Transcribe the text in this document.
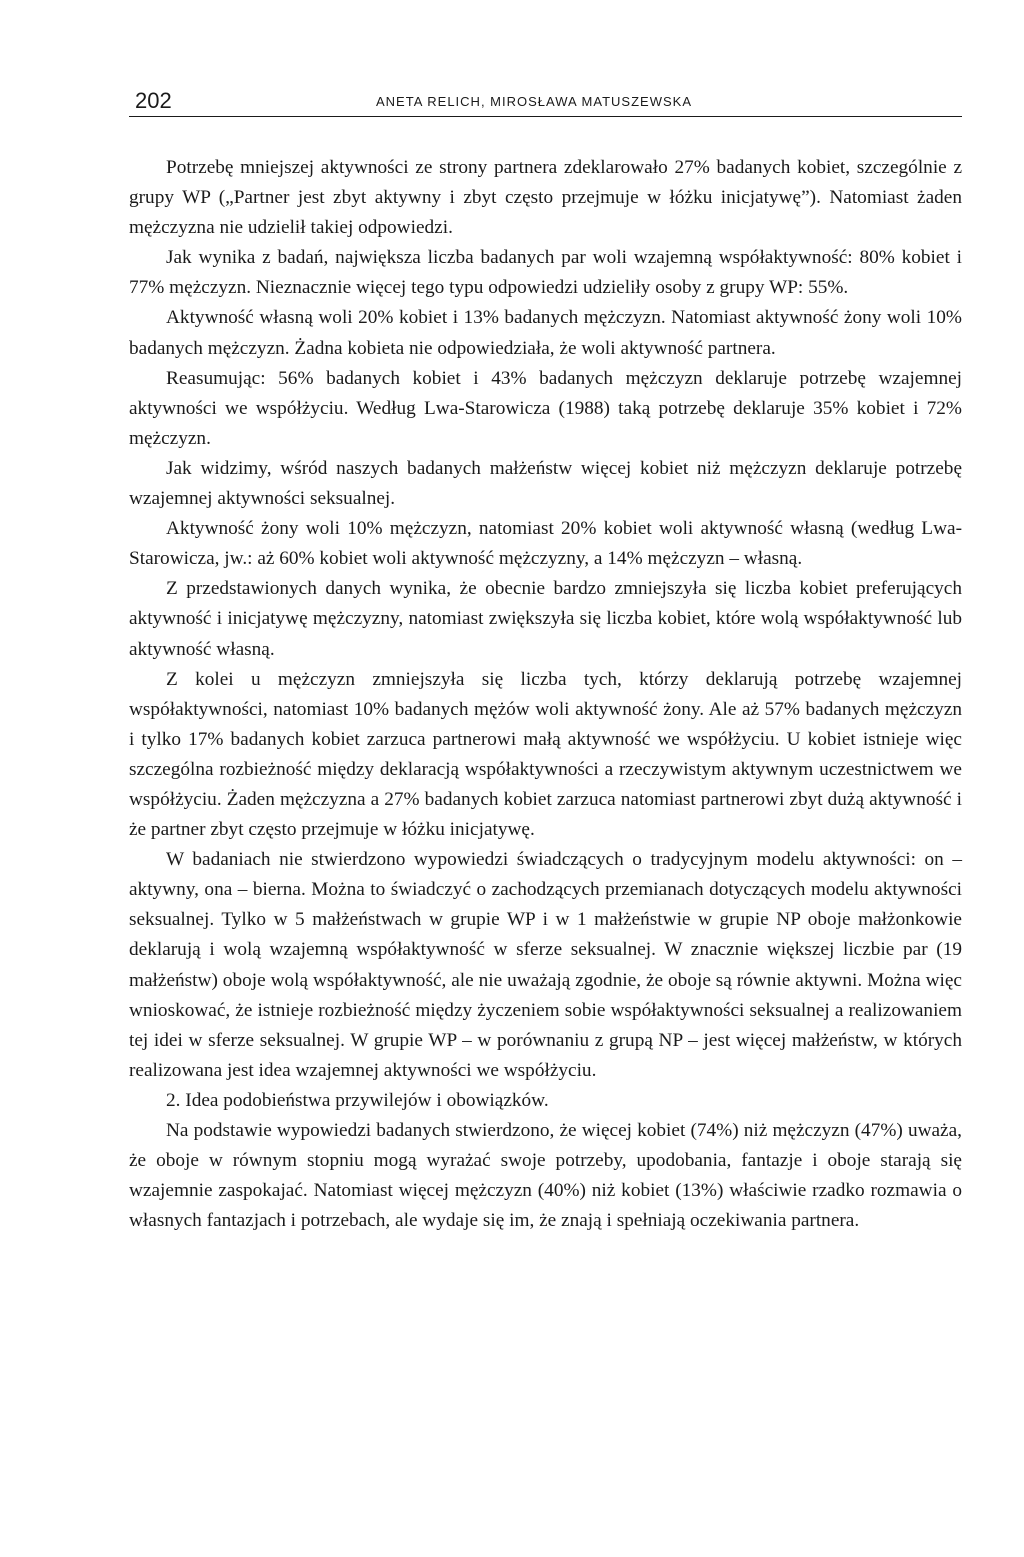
202	ANETA RELICH, MIROSŁAWA MATUSZEWSKA

Potrzebę mniejszej aktywności ze strony partnera zdeklarowało 27% badanych kobiet, szczególnie z grupy WP („Partner jest zbyt aktywny i zbyt często przejmuje w łóżku inicjatywę”). Natomiast żaden mężczyzna nie udzielił takiej odpowiedzi.

Jak wynika z badań, największa liczba badanych par woli wzajemną współaktywność: 80% kobiet i 77% mężczyzn. Nieznacznie więcej tego typu odpowiedzi udzieliły osoby z grupy WP: 55%.

Aktywność własną woli 20% kobiet i 13% badanych mężczyzn. Natomiast aktywność żony woli 10% badanych mężczyzn. Żadna kobieta nie odpowiedziała, że woli aktywność partnera.

Reasumując: 56% badanych kobiet i 43% badanych mężczyzn deklaruje potrzebę wzajemnej aktywności we współżyciu. Według Lwa-Starowicza (1988) taką potrzebę deklaruje 35% kobiet i 72% mężczyzn.

Jak widzimy, wśród naszych badanych małżeństw więcej kobiet niż mężczyzn deklaruje potrzebę wzajemnej aktywności seksualnej.

Aktywność żony woli 10% mężczyzn, natomiast 20% kobiet woli aktywność własną (według Lwa-Starowicza, jw.: aż 60% kobiet woli aktywność mężczyzny, a 14% mężczyzn – własną.

Z przedstawionych danych wynika, że obecnie bardzo zmniejszyła się liczba kobiet preferujących aktywność i inicjatywę mężczyzny, natomiast zwiększyła się liczba kobiet, które wolą współaktywność lub aktywność własną.

Z kolei u mężczyzn zmniejszyła się liczba tych, którzy deklarują potrzebę wzajemnej współaktywności, natomiast 10% badanych mężów woli aktywność żony. Ale aż 57% badanych mężczyzn i tylko 17% badanych kobiet zarzuca partnerowi małą aktywność we współżyciu. U kobiet istnieje więc szczególna rozbieżność między deklaracją współaktywności a rzeczywistym aktywnym uczestnictwem we współżyciu. Żaden mężczyzna a 27% badanych kobiet zarzuca natomiast partnerowi zbyt dużą aktywność i że partner zbyt często przejmuje w łóżku inicjatywę.

W badaniach nie stwierdzono wypowiedzi świadczących o tradycyjnym modelu aktywności: on – aktywny, ona – bierna. Można to świadczyć o zachodzących przemianach dotyczących modelu aktywności seksualnej. Tylko w 5 małżeństwach w grupie WP i w 1 małżeństwie w grupie NP oboje małżonkowie deklarują i wolą wzajemną współaktywność w sferze seksualnej. W znacznie większej liczbie par (19 małżeństw) oboje wolą współaktywność, ale nie uważają zgodnie, że oboje są równie aktywni. Można więc wnioskować, że istnieje rozbieżność między życzeniem sobie współaktywności seksualnej a realizowaniem tej idei w sferze seksualnej. W grupie WP – w porównaniu z grupą NP – jest więcej małżeństw, w których realizowana jest idea wzajemnej aktywności we współżyciu.

2. Idea podobieństwa przywilejów i obowiązków.

Na podstawie wypowiedzi badanych stwierdzono, że więcej kobiet (74%) niż mężczyzn (47%) uważa, że oboje w równym stopniu mogą wyrażać swoje potrzeby, upodobania, fantazje i oboje starają się wzajemnie zaspokajać. Natomiast więcej mężczyzn (40%) niż kobiet (13%) właściwie rzadko rozmawia o własnych fantazjach i potrzebach, ale wydaje się im, że znają i spełniają oczekiwania partnera.
